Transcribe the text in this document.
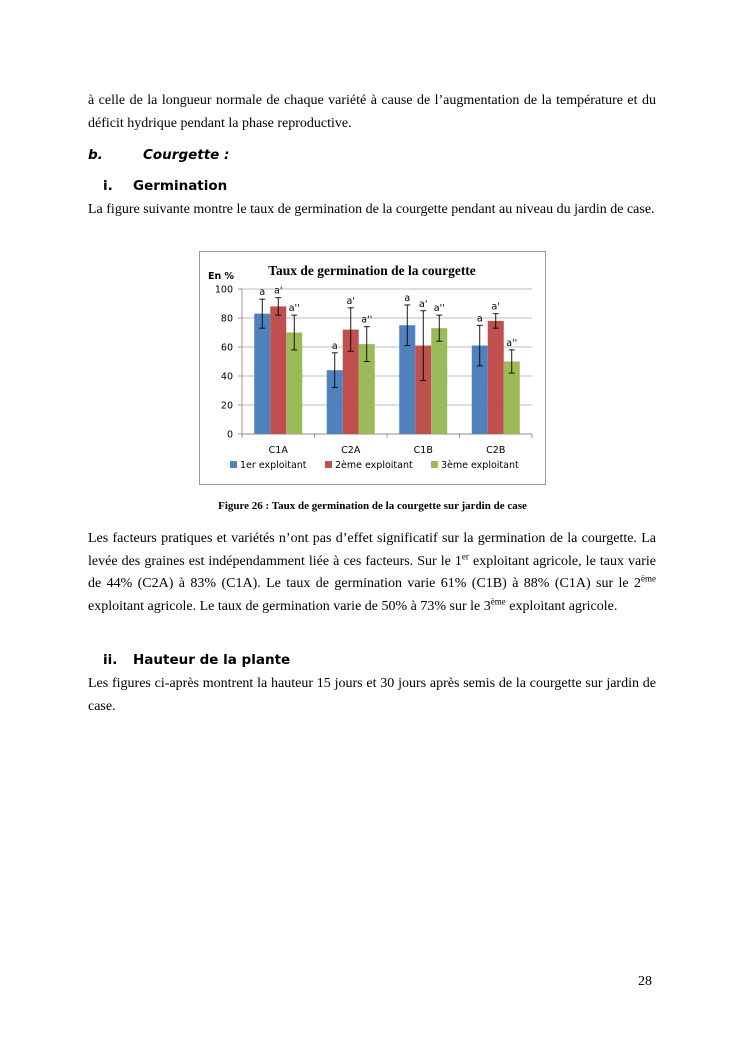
à celle de la longueur normale de chaque variété à cause de l’augmentation de la température et du déficit hydrique pendant la phase reproductive.

b.	Courgette :
i. Germination

La figure suivante montre le taux de germination de la courgette pendant au niveau du jardin de case.

Taux de germination de la courgette
En %
0
20
40
60
80
100
C1A
a a'
a''
C2A
a
a'
a''
C1B
a
a' a''
C2B
a
a'
a''
1er exploitant	2ème exploitant	3ème exploitant
Figure 26 : Taux de germination de la courgette sur jardin de case

Les facteurs pratiques et variétés n’ont pas d’effet significatif sur la germination de la courgette. La levée des graines est indépendamment liée à ces facteurs. Sur le 1er exploitant agricole, le taux varie de 44% (C2A) à 83% (C1A). Le taux de germination varie 61% (C1B) à 88% (C1A) sur le 2ème exploitant agricole. Le taux de germination varie de 50% à 73% sur le 3ème exploitant agricole.

ii. Hauteur de la plante

Les figures ci-après montrent la hauteur 15 jours et 30 jours après semis de la courgette sur jardin de case.

28
